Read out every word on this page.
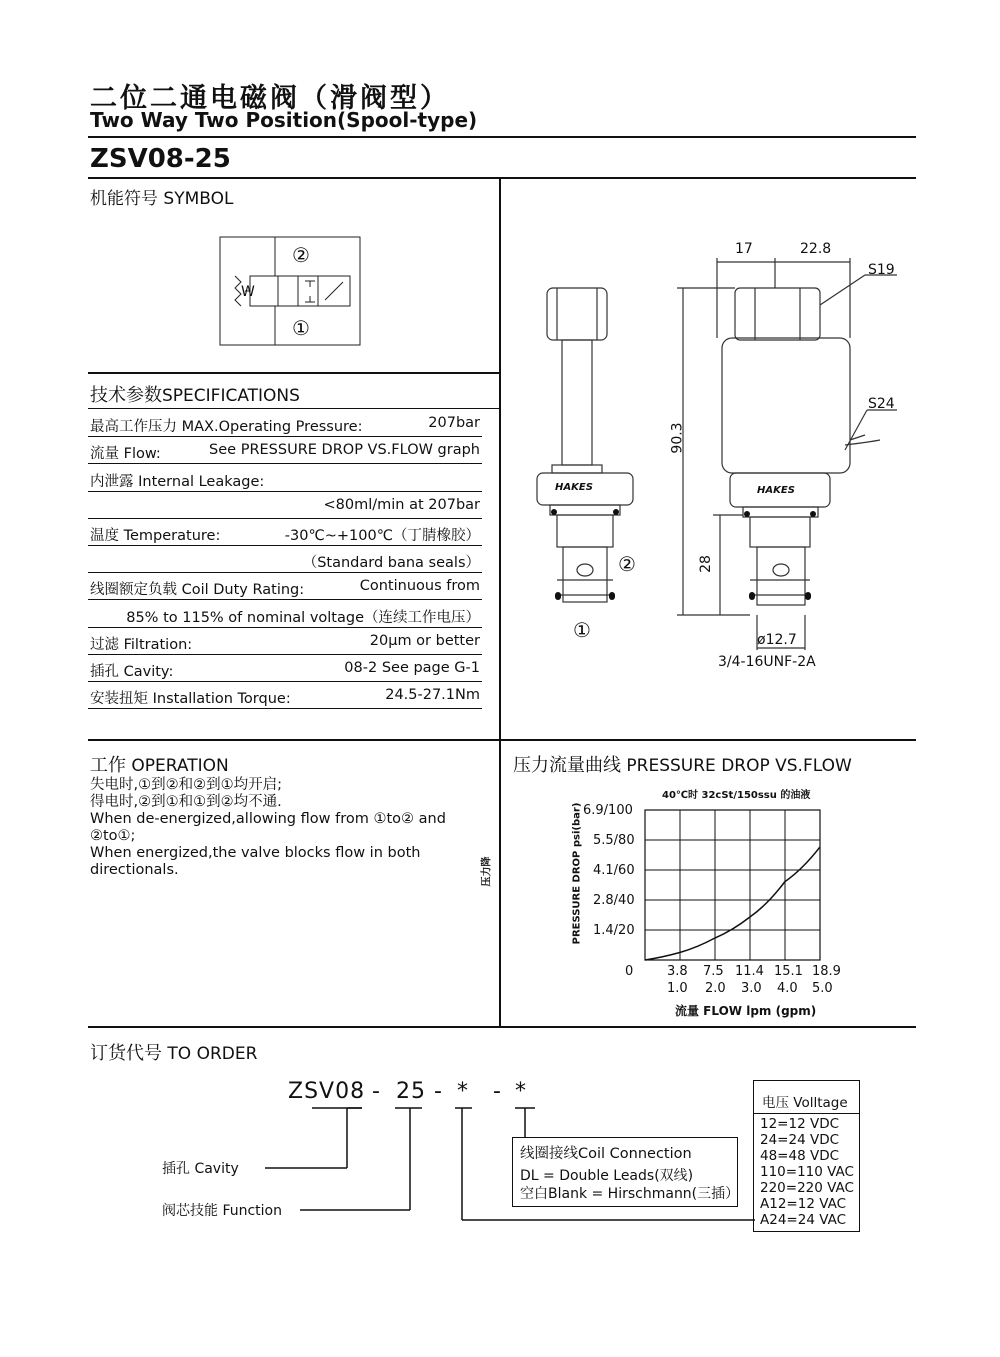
二位二通电磁阀（滑阀型）
Two Way Two Position(Spool-type)
ZSV08-25
机能符号 SYMBOL
②
①
W
技术参数SPECIFICATIONS
最高工作压力 MAX.Operating Pressure:	207bar
流量 Flow:	See PRESSURE DROP VS.FLOW graph
内泄露 Internal Leakage:
<80ml/min at 207bar
温度 Temperature:	-30℃~+100℃（丁腈橡胶）
（Standard bana seals）
线圈额定负载 Coil Duty Rating:	Continuous from
85% to 115% of nominal voltage（连续工作电压）
过滤 Filtration:	20μm or better
插孔 Cavity:	08-2 See page G-1
安装扭矩 Installation Torque:	24.5-27.1Nm
HAKES	HAKES
②
①
17	22.8
S19
S24
90.3
28
ø12.7
3/4-16UNF-2A
工作 OPERATION
失电时,①到②和②到①均开启;
得电时,②到①和①到②均不通.
When de-energized,allowing flow from ①to② and
②to①;
When energized,the valve blocks flow in both
directionals.
压力流量曲线 PRESSURE DROP VS.FLOW
40℃时 32cSt/150ssu 的油液
压力降	PRESSURE DROP psi(bar) 6.9/100
5.5/80
4.1/60
2.8/40
1.4/20
0	3.8 7.5 11.4 15.1 18.9
1.0 2.0 3.0 4.0 5.0
流量 FLOW lpm (gpm)
订货代号 TO ORDER
ZSV08 - 25 - * - *
插孔 Cavity
阀芯技能 Function
线圈接线Coil Connection
DL = Double Leads(双线)
空白Blank = Hirschmann(三插）
电压 Volltage
12=12 VDC
24=24 VDC
48=48 VDC
110=110 VAC
220=220 VAC
A12=12 VAC
A24=24 VAC
